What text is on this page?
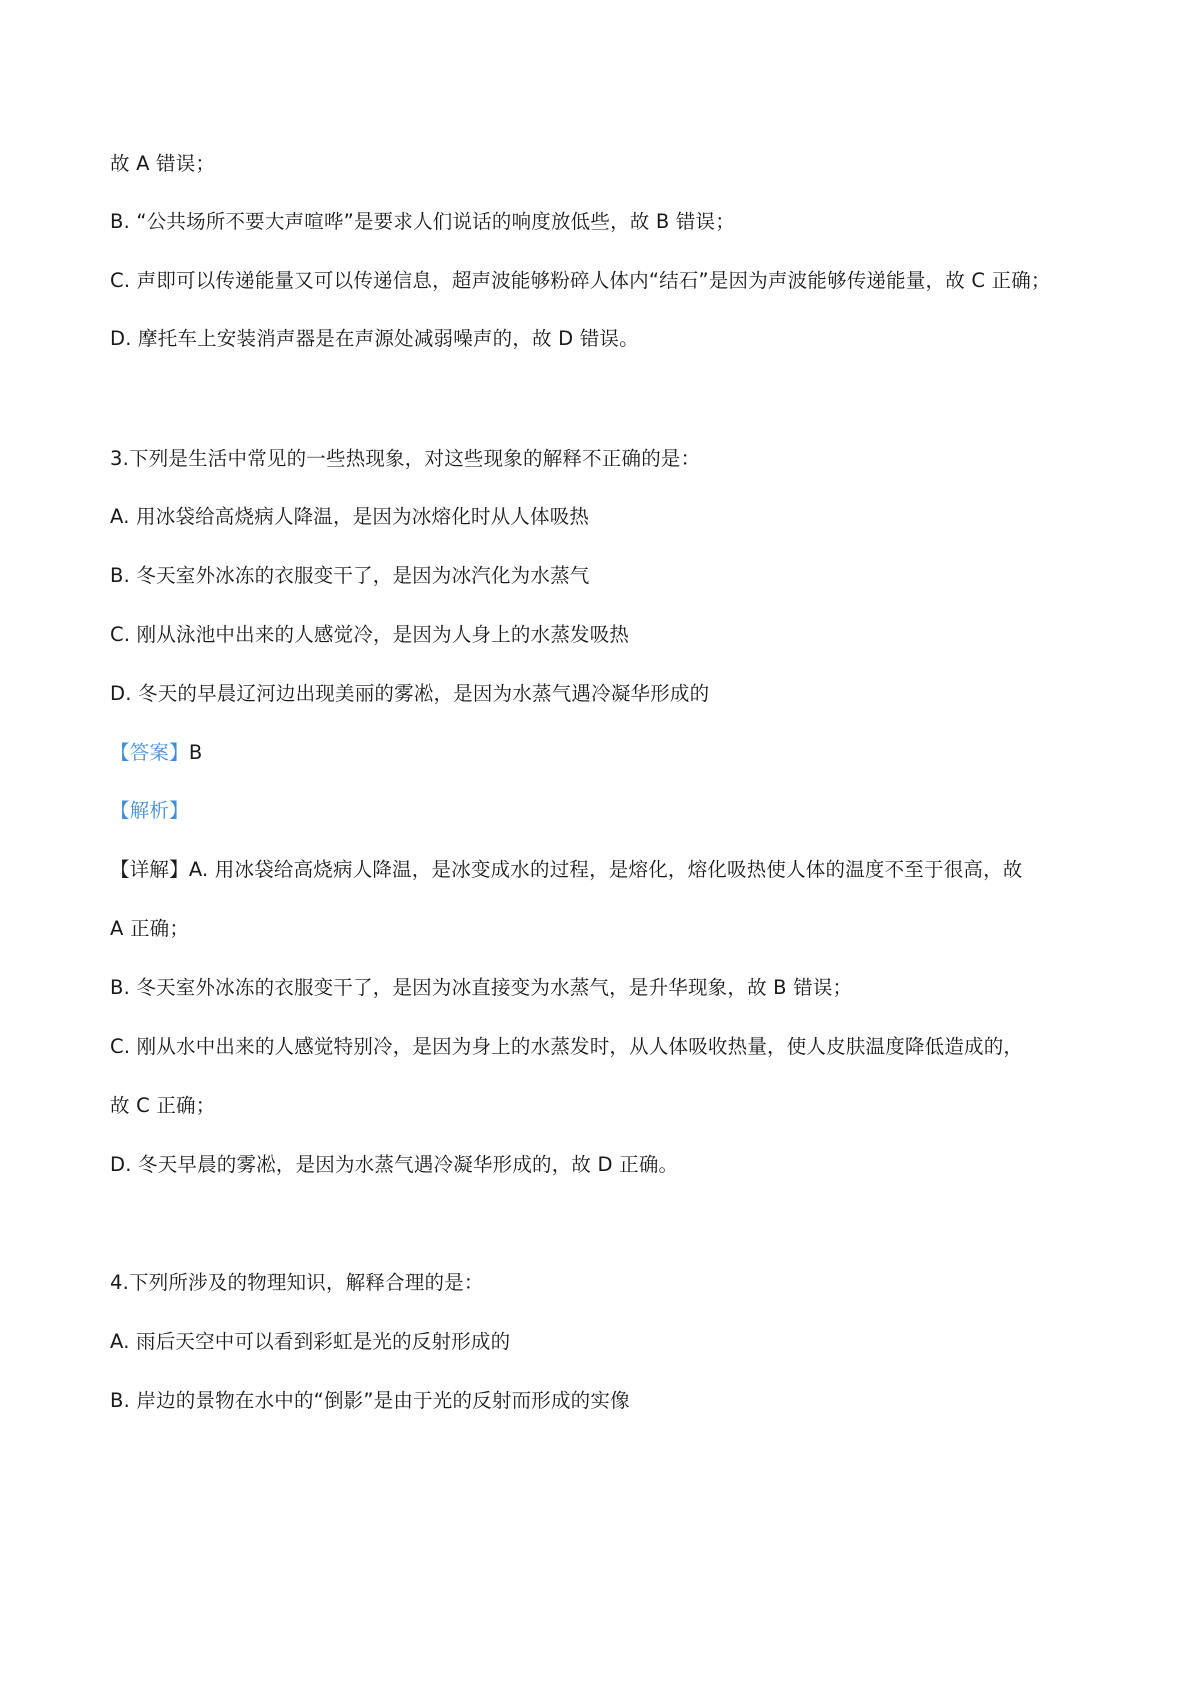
故 A 错误；
B. “公共场所不要大声喧哗”是要求人们说话的响度放低些，故 B 错误；
C. 声即可以传递能量又可以传递信息，超声波能够粉碎人体内“结石”是因为声波能够传递能量，故 C 正确；
D. 摩托车上安装消声器是在声源处减弱噪声的，故 D 错误。
3.下列是生活中常见的一些热现象，对这些现象的解释不正确的是：
A. 用冰袋给高烧病人降温，是因为冰熔化时从人体吸热
B. 冬天室外冰冻的衣服变干了，是因为冰汽化为水蒸气
C. 刚从泳池中出来的人感觉冷，是因为人身上的水蒸发吸热
D. 冬天的早晨辽河边出现美丽的雾凇，是因为水蒸气遇冷凝华形成的
【答案】B
【解析】
【详解】A. 用冰袋给高烧病人降温，是冰变成水的过程，是熔化，熔化吸热使人体的温度不至于很高，故
A 正确；
B. 冬天室外冰冻的衣服变干了，是因为冰直接变为水蒸气，是升华现象，故 B 错误；
C. 刚从水中出来的人感觉特别冷，是因为身上的水蒸发时，从人体吸收热量，使人皮肤温度降低造成的，
故 C 正确；
D. 冬天早晨的雾凇，是因为水蒸气遇冷凝华形成的，故 D 正确。
4.下列所涉及的物理知识，解释合理的是：
A. 雨后天空中可以看到彩虹是光的反射形成的
B. 岸边的景物在水中的“倒影”是由于光的反射而形成的实像
